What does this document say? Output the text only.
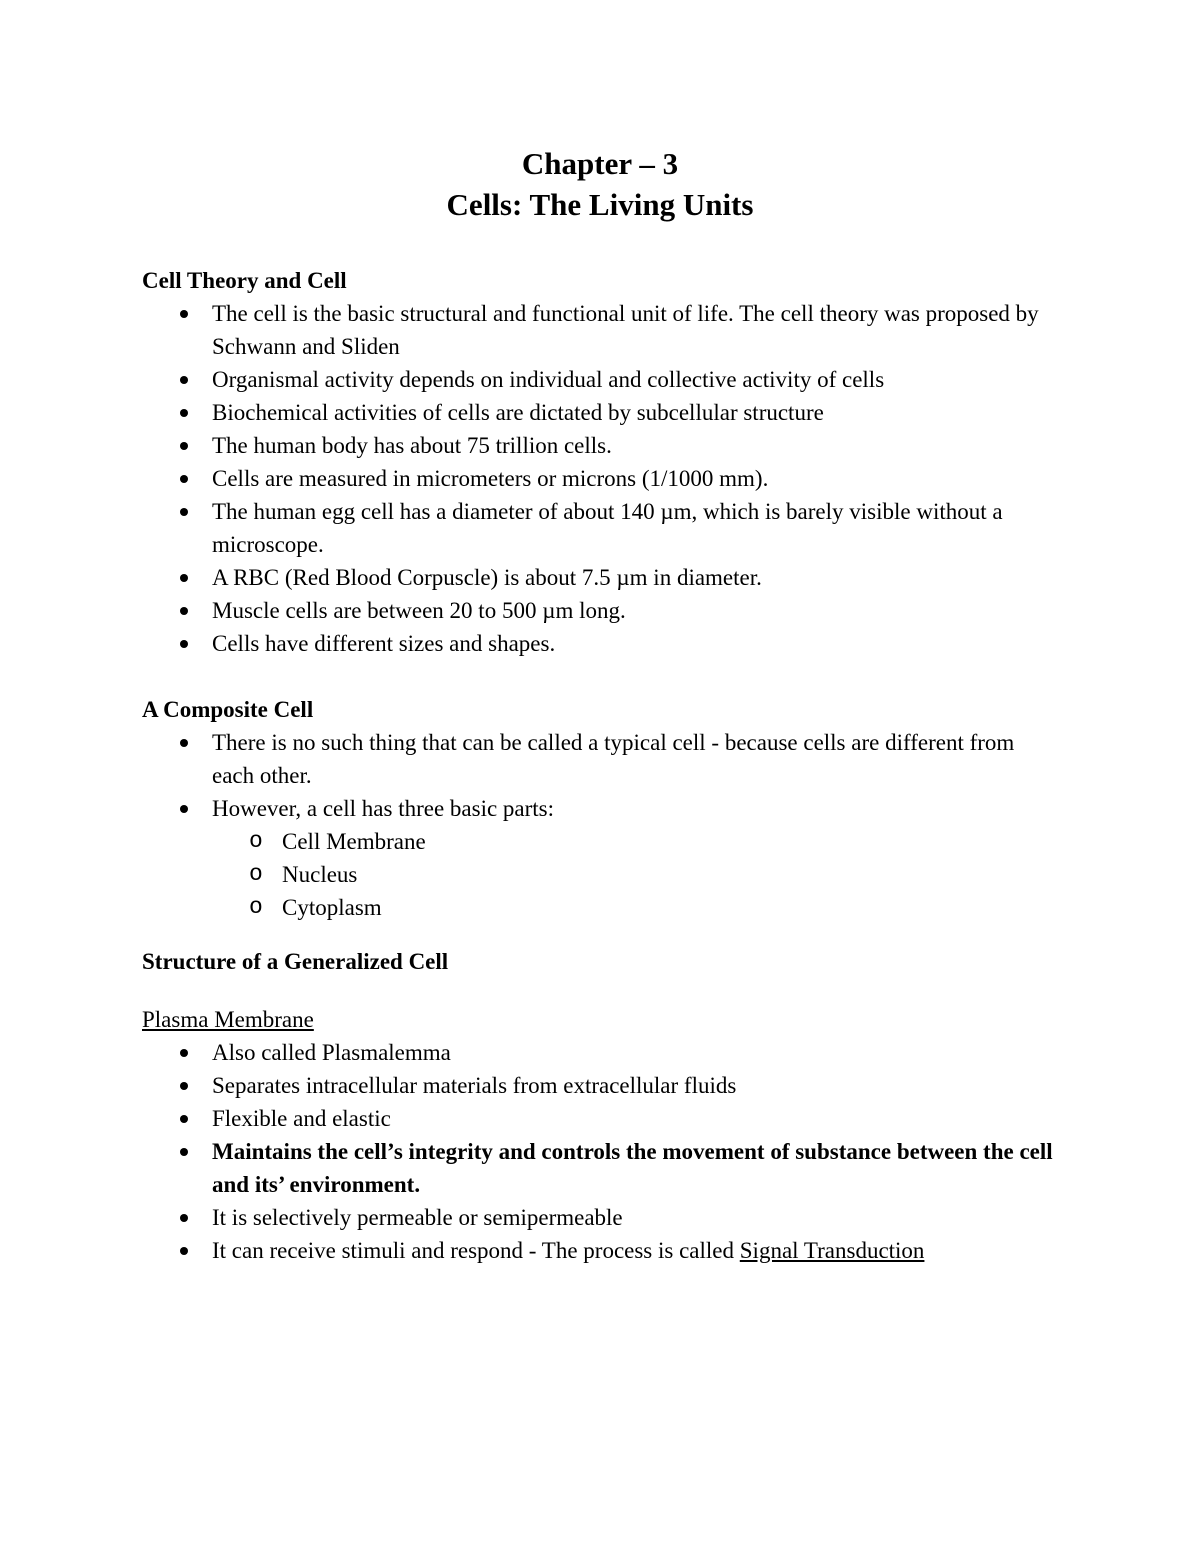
Chapter – 3
Cells: The Living Units

Cell Theory and Cell

The cell is the basic structural and functional unit of life. The cell theory was proposed by Schwann and Sliden
Organismal activity depends on individual and collective activity of cells
Biochemical activities of cells are dictated by subcellular structure
The human body has about 75 trillion cells.
Cells are measured in micrometers or microns (1/1000 mm).
The human egg cell has a diameter of about 140 µm, which is barely visible without a microscope.
A RBC (Red Blood Corpuscle) is about 7.5 µm in diameter.
Muscle cells are between 20 to 500 µm long.
Cells have different sizes and shapes.

A Composite Cell

There is no such thing that can be called a typical cell - because cells are different from each other.
However, a cell has three basic parts:
o Cell Membrane
o Nucleus
o Cytoplasm

Structure of a Generalized Cell

Plasma Membrane

Also called Plasmalemma
Separates intracellular materials from extracellular fluids
Flexible and elastic
Maintains the cell’s integrity and controls the movement of substance between the cell and its’ environment.
It is selectively permeable or semipermeable
It can receive stimuli and respond - The process is called Signal Transduction
